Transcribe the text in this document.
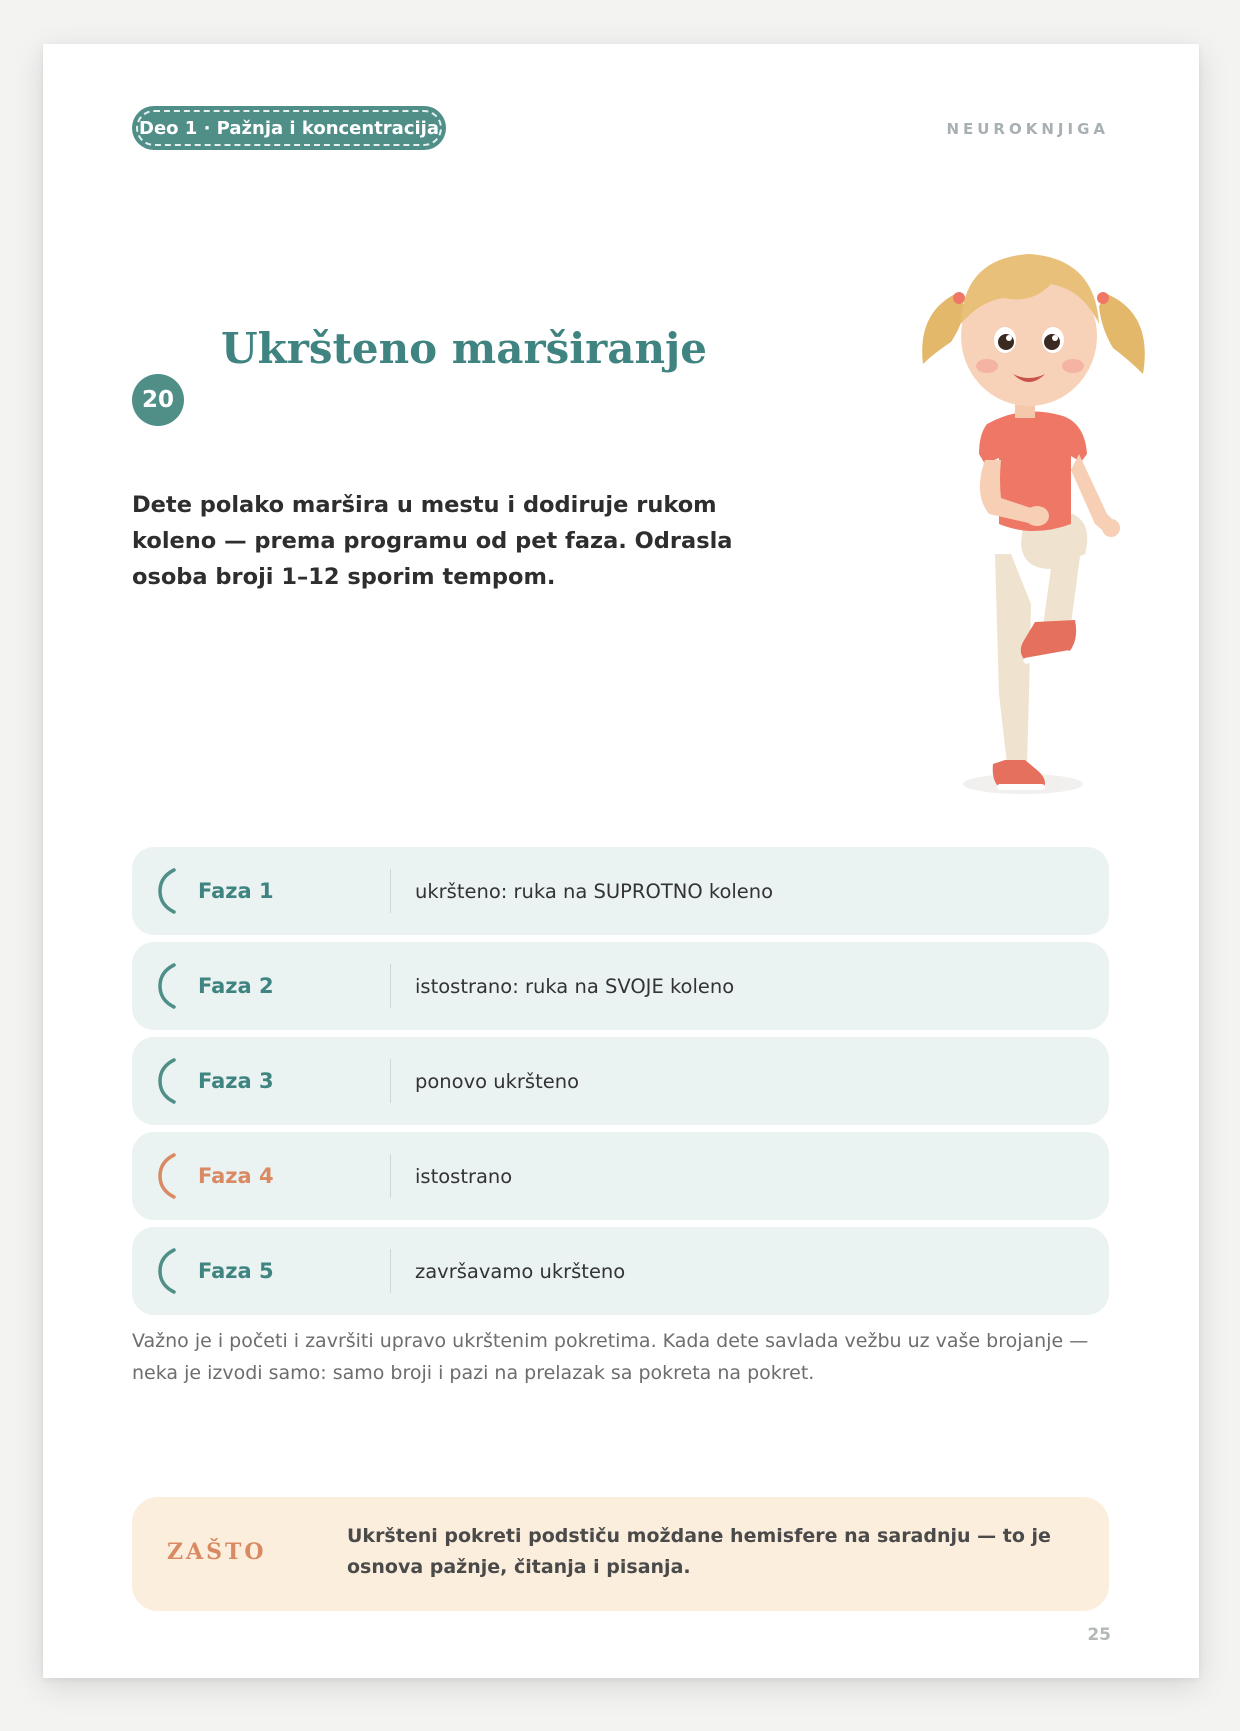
Deo 1 · Pažnja i koncentracija	NEUROKNJIGA
Ukršteno marširanje
20
Dete polako maršira u mestu i dodiruje rukom koleno — prema programu od pet faza. Odrasla osoba broji 1–12 sporim tempom.
Faza 1	ukršteno: ruka na SUPROTNO koleno
Faza 2	istostrano: ruka na SVOJE koleno
Faza 3	ponovo ukršteno
Faza 4	istostrano
Faza 5	završavamo ukršteno
Važno je i početi i završiti upravo ukrštenim pokretima. Kada dete savlada vežbu uz vaše brojanje — neka je izvodi samo: samo broji i pazi na prelazak sa pokreta na pokret.
ZAŠTO
Ukršteni pokreti podstiču moždane hemisfere na saradnju — to je osnova pažnje, čitanja i pisanja.
25
